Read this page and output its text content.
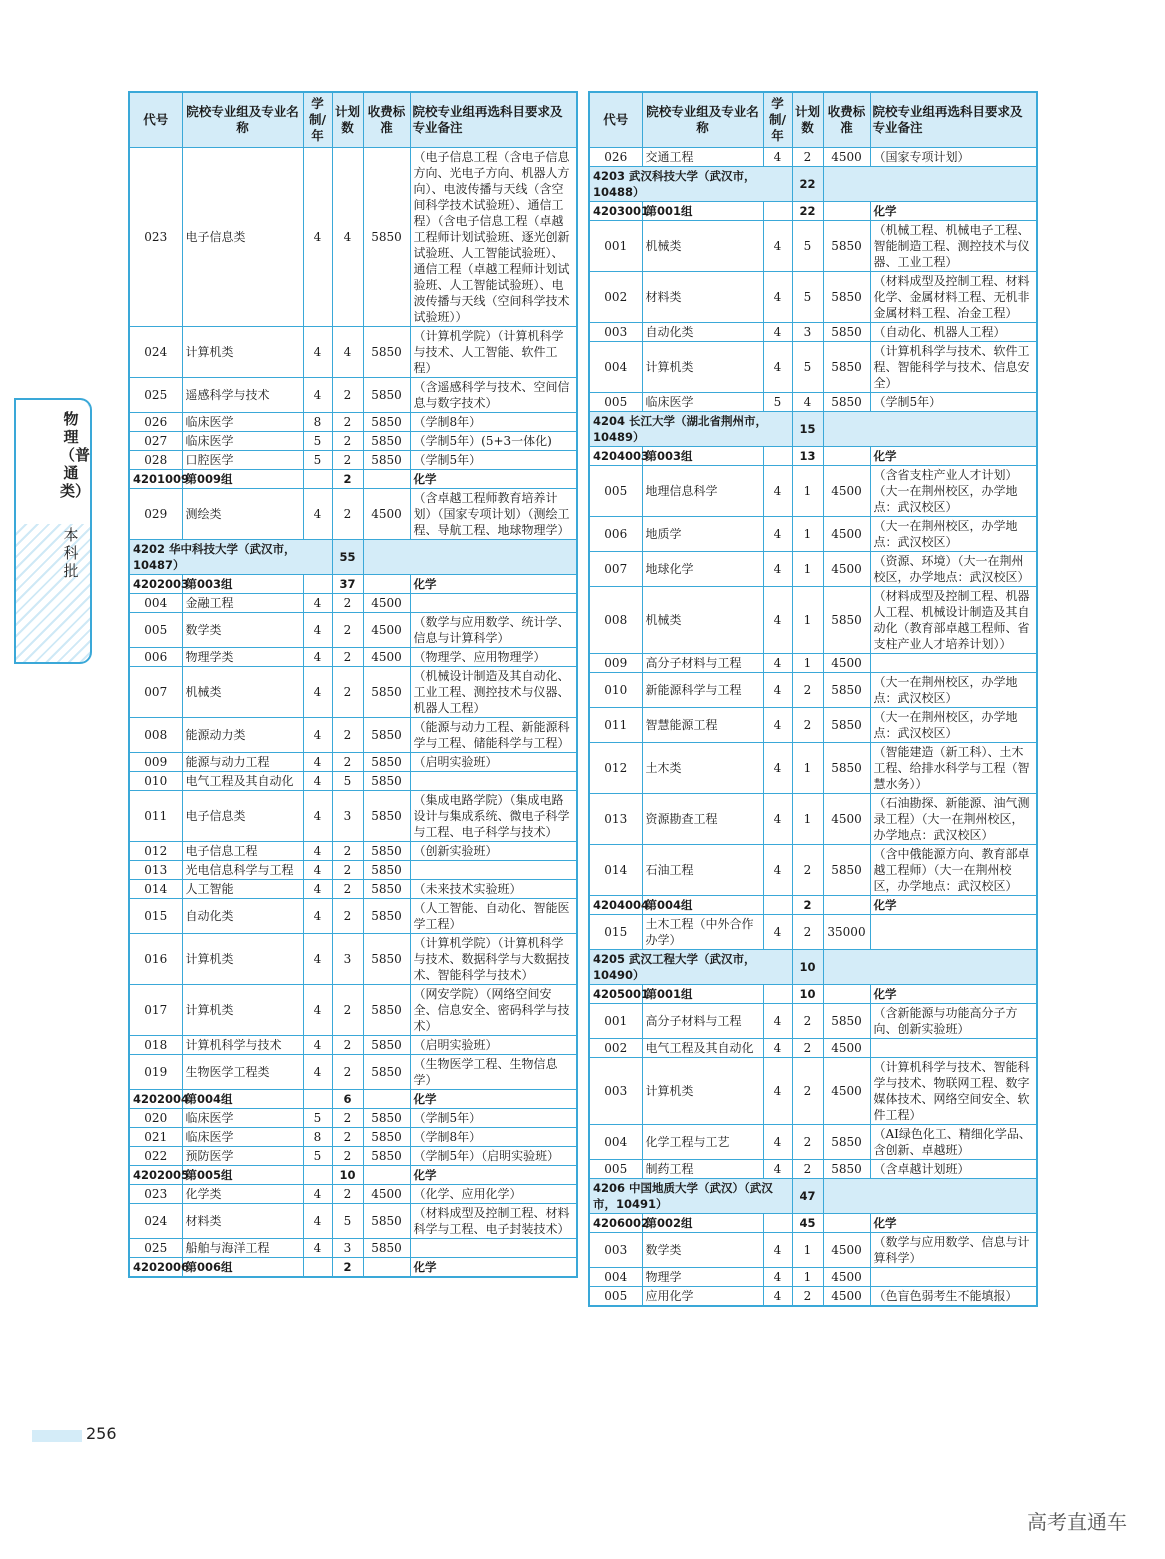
物理（普通类）
本科批
代号	院校专业组及专业名称	学制/年	计划数	收费标准	院校专业组再选科目要求及专业备注
023	电子信息类	4	4	5850	（电子信息工程（含电子信息方向、光电子方向、机器人方向）、电波传播与天线（含空间科学技术试验班）、通信工程）（含电子信息工程（卓越工程师计划试验班、逐光创新试验班、人工智能试验班）、通信工程（卓越工程师计划试验班、人工智能试验班）、电波传播与天线（空间科学技术试验班））
024	计算机类	4	4	5850	（计算机学院）（计算机科学与技术、人工智能、软件工程）
025	遥感科学与技术	4	2	5850	（含遥感科学与技术、空间信息与数字技术）
026	临床医学	8	2	5850	（学制8年）
027	临床医学	5	2	5850	（学制5年）(5+3一体化)
028	口腔医学	5	2	5850	（学制5年）
4201009	第009组		2		化学
029	测绘类	4	2	4500	（含卓越工程师教育培养计划）（国家专项计划）（测绘工程、导航工程、地球物理学）
4202 华中科技大学（武汉市，10487）			55		
4202003	第003组		37		化学
004	金融工程	4	2	4500	
005	数学类	4	2	4500	（数学与应用数学、统计学、信息与计算科学）
006	物理学类	4	2	4500	（物理学、应用物理学）
007	机械类	4	2	5850	（机械设计制造及其自动化、工业工程、测控技术与仪器、机器人工程）
008	能源动力类	4	2	5850	（能源与动力工程、新能源科学与工程、储能科学与工程）
009	能源与动力工程	4	2	5850	（启明实验班）
010	电气工程及其自动化	4	5	5850	
011	电子信息类	4	3	5850	（集成电路学院）（集成电路设计与集成系统、微电子科学与工程、电子科学与技术）
012	电子信息工程	4	2	5850	（创新实验班）
013	光电信息科学与工程	4	2	5850	
014	人工智能	4	2	5850	（未来技术实验班）
015	自动化类	4	2	5850	（人工智能、自动化、智能医学工程）
016	计算机类	4	3	5850	（计算机学院）（计算机科学与技术、数据科学与大数据技术、智能科学与技术）
017	计算机类	4	2	5850	（网安学院）（网络空间安全、信息安全、密码科学与技术）
018	计算机科学与技术	4	2	5850	（启明实验班）
019	生物医学工程类	4	2	5850	（生物医学工程、生物信息学）
4202004	第004组		6		化学
020	临床医学	5	2	5850	（学制5年）
021	临床医学	8	2	5850	（学制8年）
022	预防医学	5	2	5850	（学制5年）（启明实验班）
4202005	第005组		10		化学
023	化学类	4	2	4500	（化学、应用化学）
024	材料类	4	5	5850	（材料成型及控制工程、材料科学与工程、电子封装技术）
025	船舶与海洋工程	4	3	5850	
4202006	第006组		2		化学
代号	院校专业组及专业名称	学制/年	计划数	收费标准	院校专业组再选科目要求及专业备注
026	交通工程	4	2	4500	（国家专项计划）
4203 武汉科技大学（武汉市，10488）			22		
4203001	第001组		22		化学
001	机械类	4	5	5850	（机械工程、机械电子工程、智能制造工程、测控技术与仪器、工业工程）
002	材料类	4	5	5850	（材料成型及控制工程、材料化学、金属材料工程、无机非金属材料工程、冶金工程）
003	自动化类	4	3	5850	（自动化、机器人工程）
004	计算机类	4	5	5850	（计算机科学与技术、软件工程、智能科学与技术、信息安全）
005	临床医学	5	4	5850	（学制5年）
4204 长江大学（湖北省荆州市，10489）			15		
4204003	第003组		13		化学
005	地理信息科学	4	1	4500	（含省支柱产业人才计划）（大一在荆州校区，办学地点：武汉校区）
006	地质学	4	1	4500	（大一在荆州校区，办学地点：武汉校区）
007	地球化学	4	1	4500	（资源、环境）（大一在荆州校区，办学地点：武汉校区）
008	机械类	4	1	5850	（材料成型及控制工程、机器人工程、机械设计制造及其自动化（教育部卓越工程师、省支柱产业人才培养计划））
009	高分子材料与工程	4	1	4500	
010	新能源科学与工程	4	2	5850	（大一在荆州校区，办学地点：武汉校区）
011	智慧能源工程	4	2	5850	（大一在荆州校区，办学地点：武汉校区）
012	土木类	4	1	5850	（智能建造（新工科）、土木工程、给排水科学与工程（智慧水务））
013	资源勘查工程	4	1	4500	（石油勘探、新能源、油气测录工程）（大一在荆州校区，办学地点：武汉校区）
014	石油工程	4	2	5850	（含中俄能源方向、教育部卓越工程师）（大一在荆州校区，办学地点：武汉校区）
4204004	第004组		2		化学
015	土木工程（中外合作办学）	4	2	35000	
4205 武汉工程大学（武汉市，10490）			10		
4205001	第001组		10		化学
001	高分子材料与工程	4	2	5850	（含新能源与功能高分子方向、创新实验班）
002	电气工程及其自动化	4	2	4500	
003	计算机类	4	2	4500	（计算机科学与技术、智能科学与技术、物联网工程、数字媒体技术、网络空间安全、软件工程）
004	化学工程与工艺	4	2	5850	（AI绿色化工、精细化学品、含创新、卓越班）
005	制药工程	4	2	5850	（含卓越计划班）
4206 中国地质大学（武汉）（武汉市，10491）			47		
4206002	第002组		45		化学
003	数学类	4	1	4500	（数学与应用数学、信息与计算科学）
004	物理学	4	1	4500	
005	应用化学	4	2	4500	（色盲色弱考生不能填报）
256
高考直通车
